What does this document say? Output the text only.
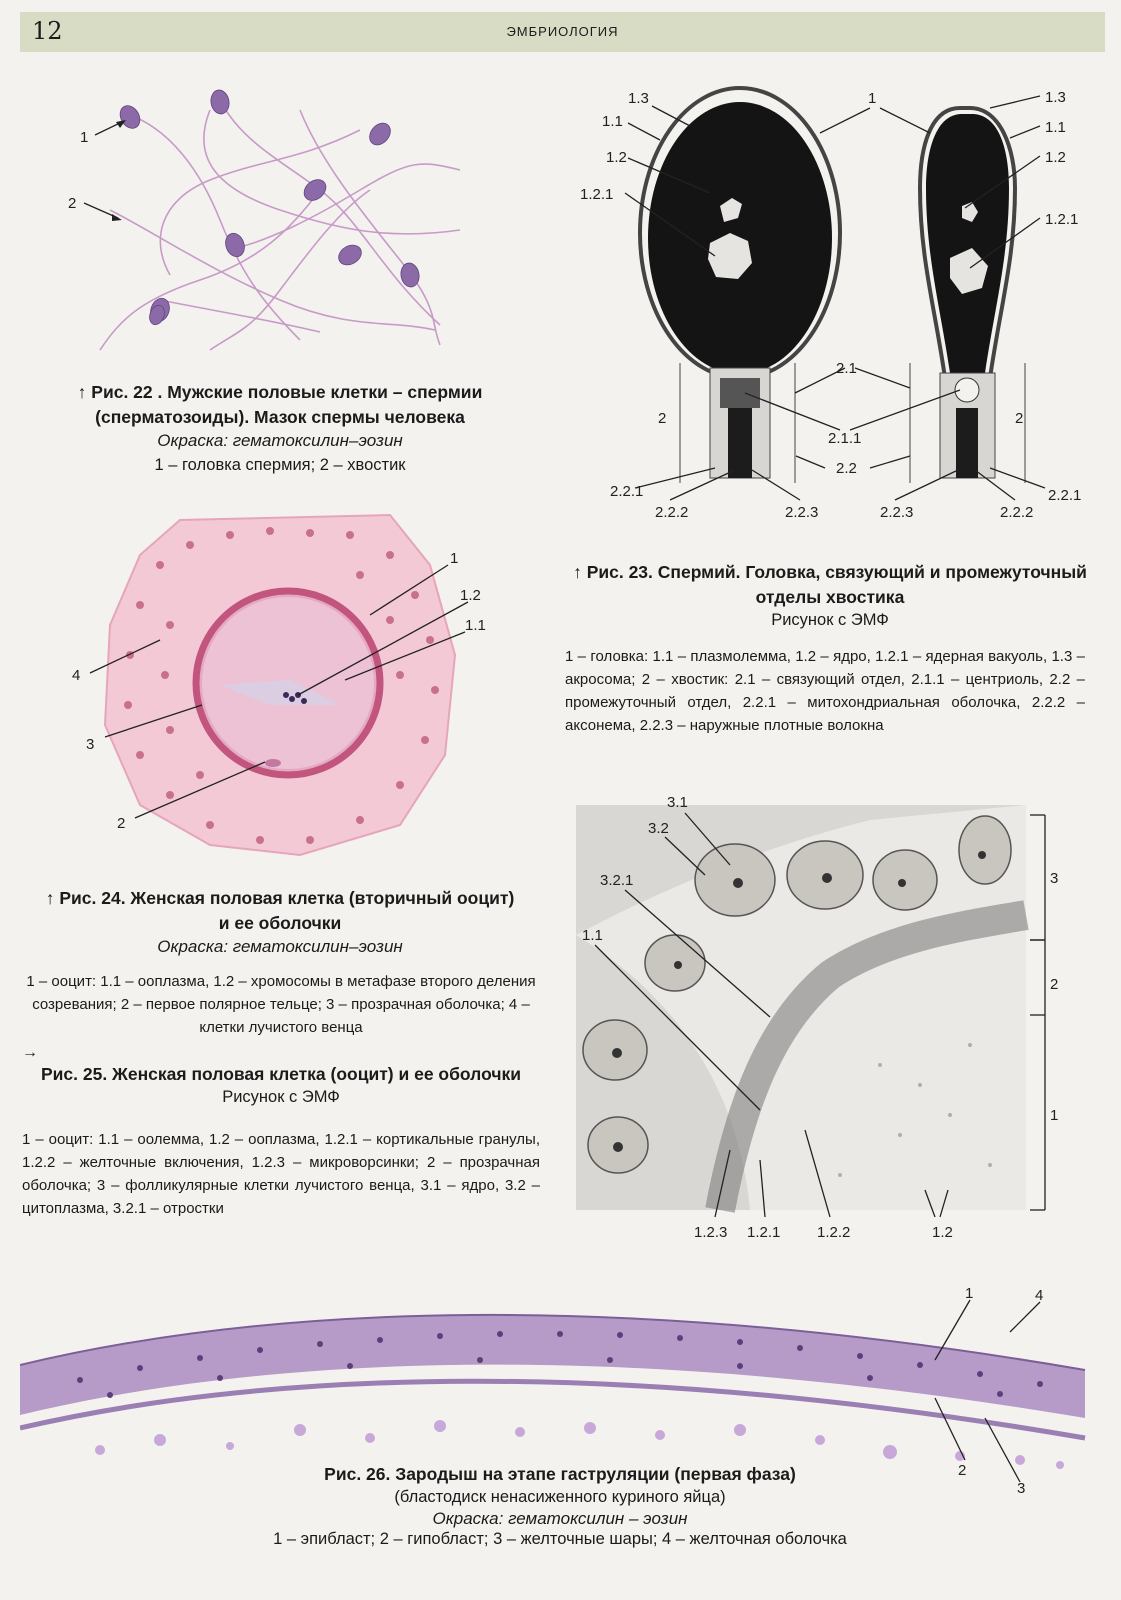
12	ЭМБРИОЛОГИЯ
1
2
↑ Рис. 22 . Мужские половые клетки – спермии (сперматозоиды). Мазок спермы человека
Окраска: гематоксилин–эозин
1 – головка спермия; 2 – хвостик
1.3
1.1
1.2
1.2.1
1	1.3
1.1
1.2
1.2.1
2.1
2	2
2.1.1
2.2
2.2.1	2.2.1
2.2.2	2.2.3	2.2.3	2.2.2
↑ Рис. 23. Спермий. Головка, связующий и промежуточный отделы хвостика
Рисунок с ЭМФ
1 – головка: 1.1 – плазмолемма, 1.2 – ядро, 1.2.1 – ядерная вакуоль, 1.3 – акросома; 2 – хвостик: 2.1 – связующий отдел, 2.1.1 – центриоль, 2.2 – промежуточный отдел, 2.2.1 – митохондриальная оболочка, 2.2.2 – аксонема, 2.2.3 – наружные плотные волокна
1
1.2
1.1
4
3
2
↑ Рис. 24. Женская половая клетка (вторичный ооцит) и ее оболочки
Окраска: гематоксилин–эозин
1 – ооцит: 1.1 – ооплазма, 1.2 – хромосомы в метафазе второго деления созревания; 2 – первое полярное тельце; 3 – прозрачная оболочка; 4 – клетки лучистого венца
→
Рис. 25. Женская половая клетка (ооцит) и ее оболочки
Рисунок с ЭМФ
1 – ооцит: 1.1 – оолемма, 1.2 – ооплазма, 1.2.1 – кортикальные гранулы, 1.2.2 – желточные включения, 1.2.3 – микроворсинки; 2 – прозрачная оболочка; 3 – фолликулярные клетки лучистого венца, 3.1 – ядро, 3.2 – цитоплазма, 3.2.1 – отростки
3.1
3.2
3.2.1
1.1
3
2
1
1.2.3 1.2.1 1.2.2	1.2
1	4
2
3
Рис. 26. Зародыш на этапе гаструляции (первая фаза)
(бластодиск ненасиженного куриного яйца)
Окраска: гематоксилин – эозин
1 – эпибласт; 2 – гипобласт; 3 – желточные шары; 4 – желточная оболочка
